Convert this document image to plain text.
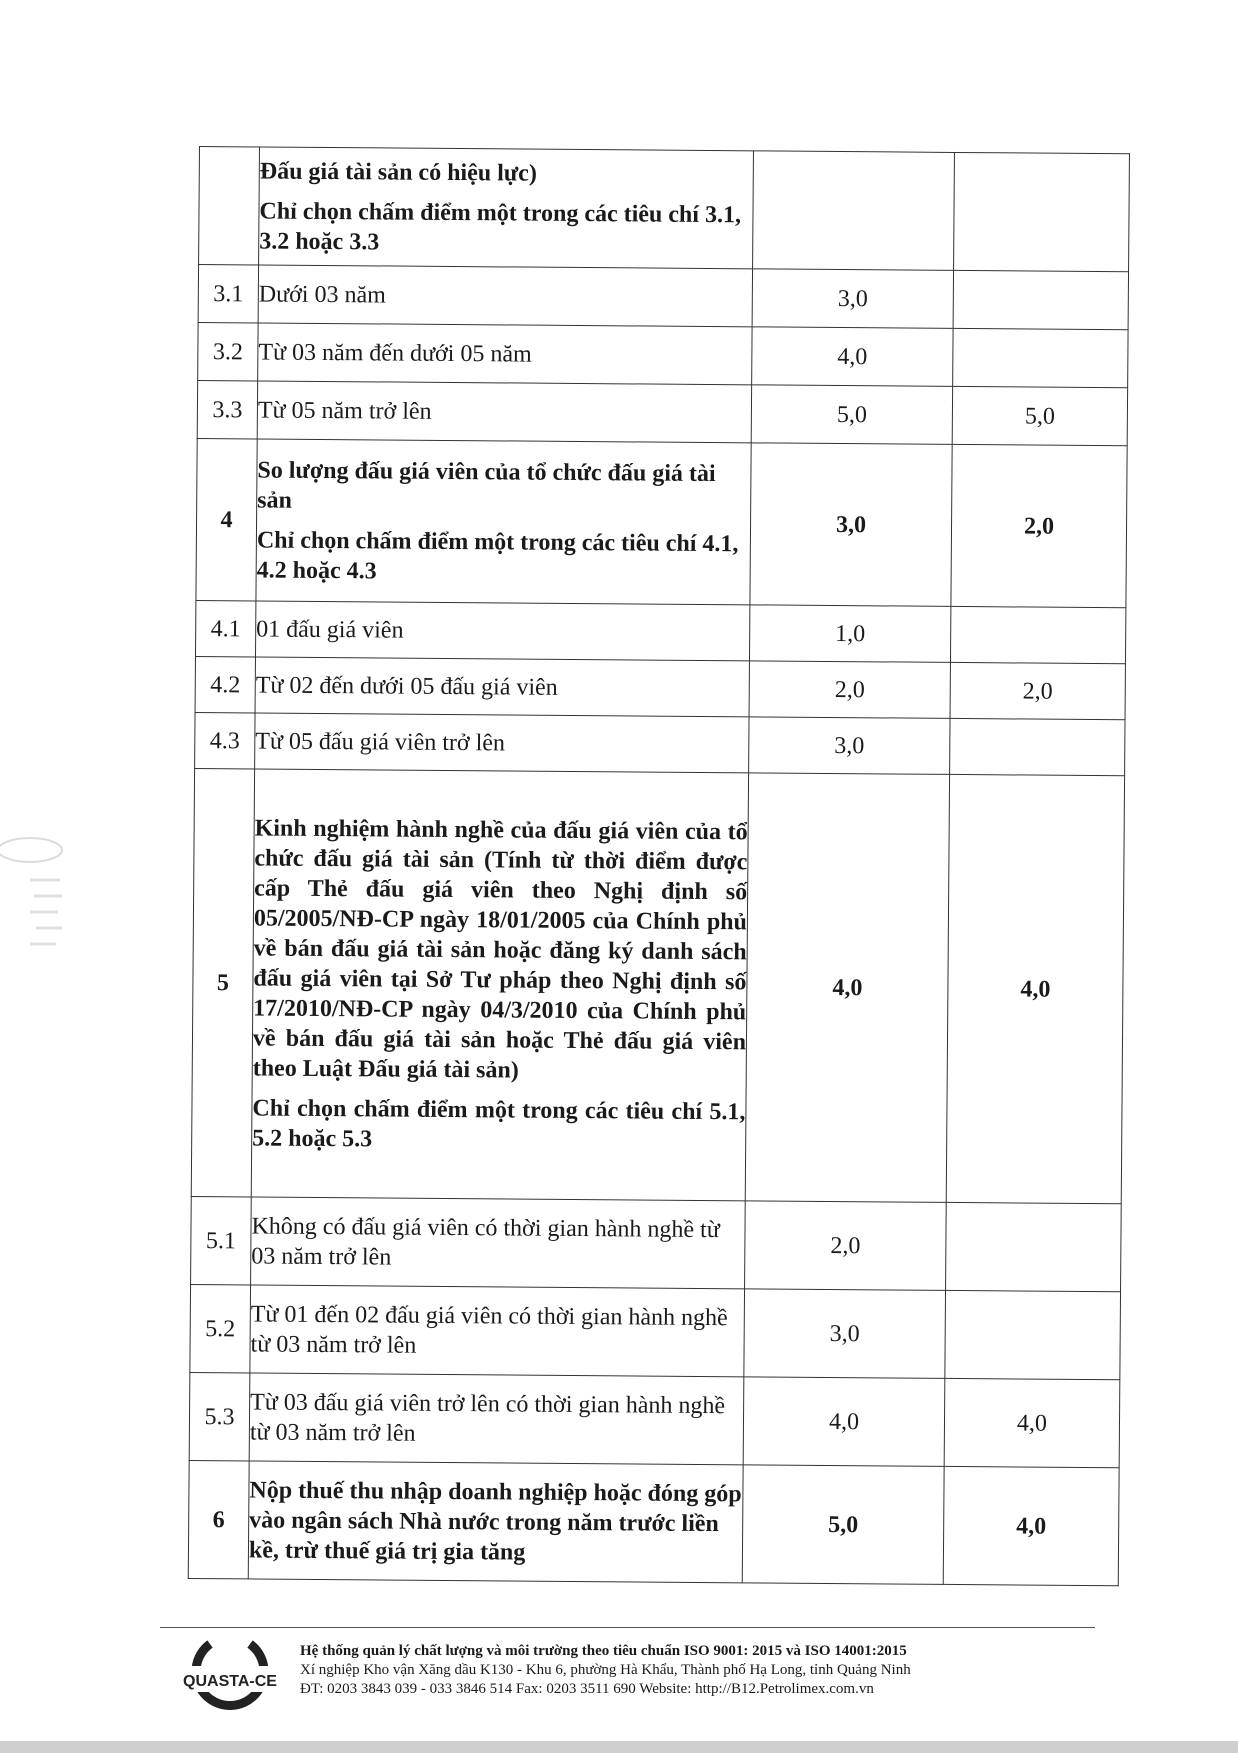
	Đấu giá tài sản có hiệu lực)
Chỉ chọn chấm điểm một trong các tiêu chí 3.1, 3.2 hoặc 3.3		

3.1	Dưới 03 năm	3,0	
3.2	Từ 03 năm đến dưới 05 năm	4,0	
3.3	Từ 05 năm trở lên	5,0	5,0
4	So lượng đấu giá viên của tổ chức đấu giá tài sản
Chỉ chọn chấm điểm một trong các tiêu chí 4.1, 4.2 hoặc 4.3	3,0	2,0
4.1	01 đấu giá viên	1,0	
4.2	Từ 02 đến dưới 05 đấu giá viên	2,0	2,0
4.3	Từ 05 đấu giá viên trở lên	3,0	
5	Kinh nghiệm hành nghề của đấu giá viên của tổ chức đấu giá tài sản (Tính từ thời điểm được cấp Thẻ đấu giá viên theo Nghị định số 05/2005/NĐ-CP ngày 18/01/2005 của Chính phủ về bán đấu giá tài sản hoặc đăng ký danh sách đấu giá viên tại Sở Tư pháp theo Nghị định số 17/2010/NĐ-CP ngày 04/3/2010 của Chính phủ về bán đấu giá tài sản hoặc Thẻ đấu giá viên theo Luật Đấu giá tài sản)
Chỉ chọn chấm điểm một trong các tiêu chí 5.1, 5.2 hoặc 5.3	4,0	4,0
5.1	Không có đấu giá viên có thời gian hành nghề từ 03 năm trở lên	2,0	
5.2	Từ 01 đến 02 đấu giá viên có thời gian hành nghề từ 03 năm trở lên	3,0	
5.3	Từ 03 đấu giá viên trở lên có thời gian hành nghề từ 03 năm trở lên	4,0	4,0
6	Nộp thuế thu nhập doanh nghiệp hoặc đóng góp vào ngân sách Nhà nước trong năm trước liền kề, trừ thuế giá trị gia tăng	5,0	4,0
QUASTA-CE
Hệ thống quản lý chất lượng và môi trường theo tiêu chuẩn ISO 9001: 2015 và ISO 14001:2015
Xí nghiệp Kho vận Xăng dầu K130 - Khu 6, phường Hà Khẩu, Thành phố Hạ Long, tỉnh Quảng Ninh
ĐT: 0203 3843 039 - 033 3846 514 Fax: 0203 3511 690 Website: http://B12.Petrolimex.com.vn
